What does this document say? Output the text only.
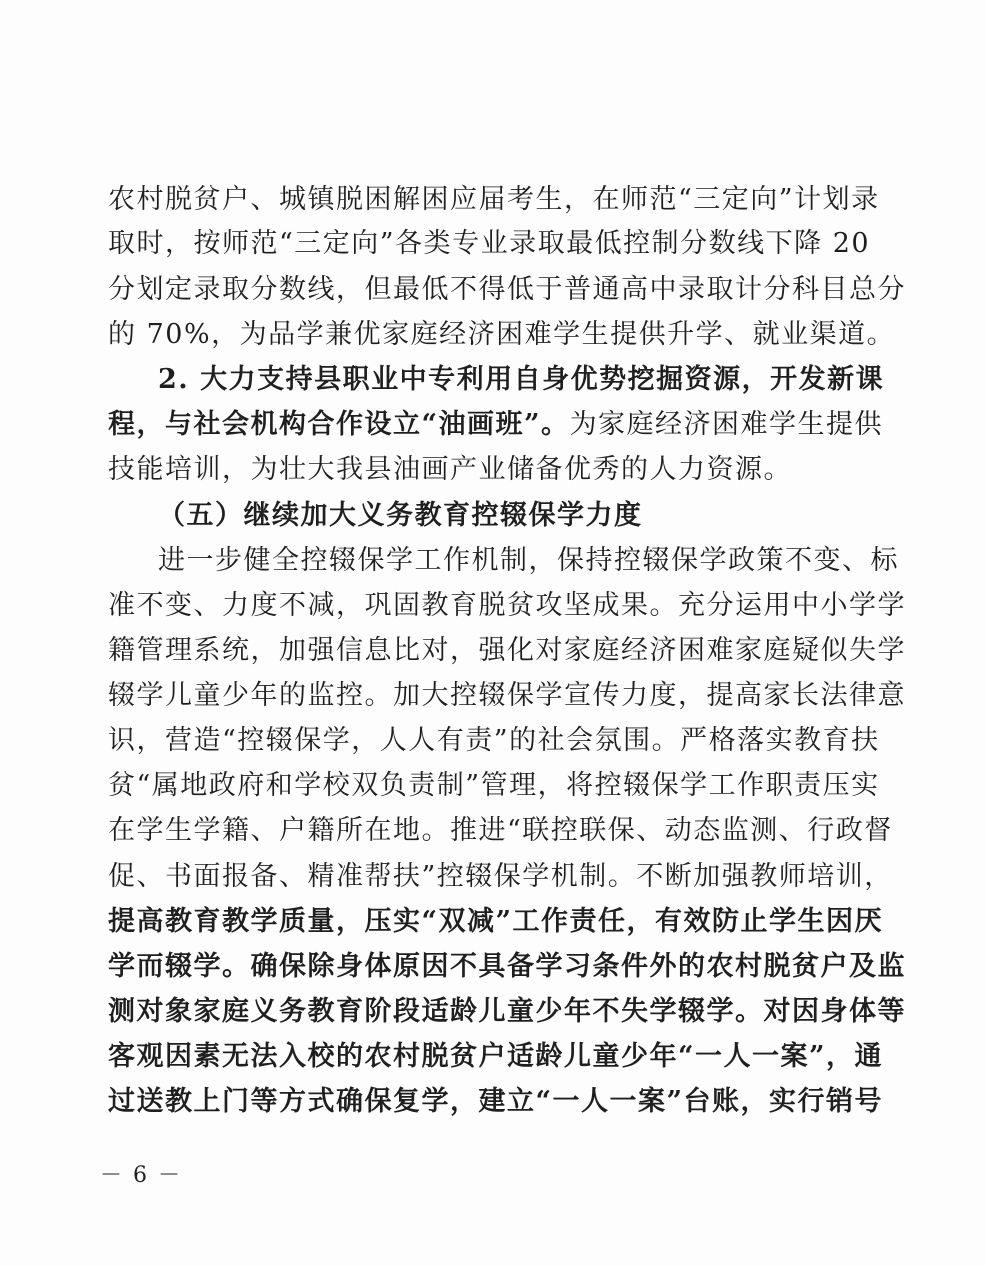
农村脱贫户、城镇脱困解困应届考生，在师范“三定向”计划录
取时，按师范“三定向”各类专业录取最低控制分数线下降 20
分划定录取分数线，但最低不得低于普通高中录取计分科目总分
的 70%，为品学兼优家庭经济困难学生提供升学、就业渠道。
2. 大力支持县职业中专利用自身优势挖掘资源，开发新课
程，与社会机构合作设立“油画班”。为家庭经济困难学生提供
技能培训，为壮大我县油画产业储备优秀的人力资源。
（五）继续加大义务教育控辍保学力度
进一步健全控辍保学工作机制，保持控辍保学政策不变、标
准不变、力度不减，巩固教育脱贫攻坚成果。充分运用中小学学
籍管理系统，加强信息比对，强化对家庭经济困难家庭疑似失学
辍学儿童少年的监控。加大控辍保学宣传力度，提高家长法律意
识，营造“控辍保学，人人有责”的社会氛围。严格落实教育扶
贫“属地政府和学校双负责制”管理，将控辍保学工作职责压实
在学生学籍、户籍所在地。推进“联控联保、动态监测、行政督
促、书面报备、精准帮扶”控辍保学机制。不断加强教师培训，
提高教育教学质量，压实“双减”工作责任，有效防止学生因厌
学而辍学。确保除身体原因不具备学习条件外的农村脱贫户及监
测对象家庭义务教育阶段适龄儿童少年不失学辍学。对因身体等
客观因素无法入校的农村脱贫户适龄儿童少年“一人一案”，通
过送教上门等方式确保复学，建立“一人一案”台账，实行销号
－ 6 －
